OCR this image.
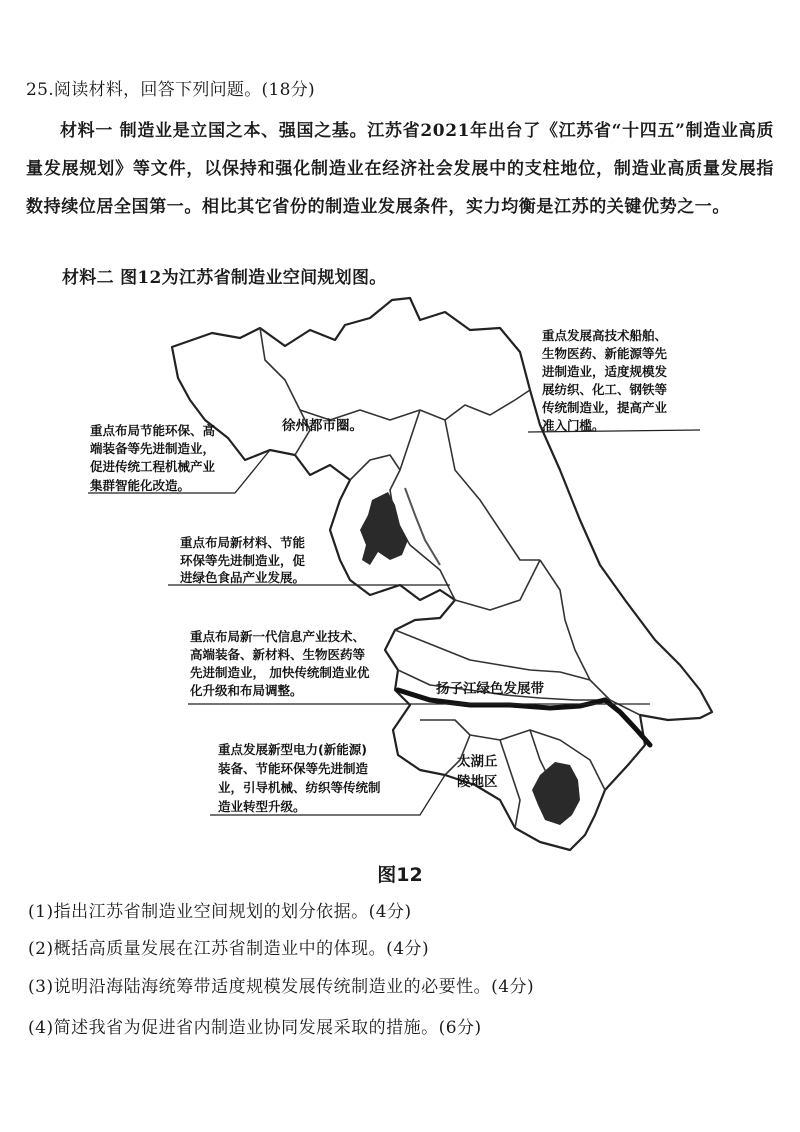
25.阅读材料，回答下列问题。(18分)
材料一 制造业是立国之本、强国之基。江苏省2021年出台了《江苏省“十四五”制造业高质量发展规划》等文件，以保持和强化制造业在经济社会发展中的支柱地位，制造业高质量发展指数持续位居全国第一。相比其它省份的制造业发展条件，实力均衡是江苏的关键优势之一。
材料二 图12为江苏省制造业空间规划图。
重点发展高技术船舶、 生物医药、新能源等先 进制造业，适度规模发 展纺织、化工、钢铁等 传统制造业，提高产业 准入门槛。
重点布局节能环保、高 端装备等先进制造业， 促进传统工程机械产业 集群智能化改造。
重点布局新材料、节能 环保等先进制造业，促 进绿色食品产业发展。
重点布局新一代信息产业技术、 高端装备、新材料、生物医药等 先进制造业， 加快传统制造业优 化升级和布局调整。
重点发展新型电力(新能源) 装备、节能环保等先进制造 业，引导机械、纺织等传统制 造业转型升级。
徐州都市圈。
扬子江绿色发展带
太湖丘 陵地区
图12
(1)指出江苏省制造业空间规划的划分依据。(4分)
(2)概括高质量发展在江苏省制造业中的体现。(4分)
(3)说明沿海陆海统筹带适度规模发展传统制造业的必要性。(4分)
(4)简述我省为促进省内制造业协同发展采取的措施。(6分)
